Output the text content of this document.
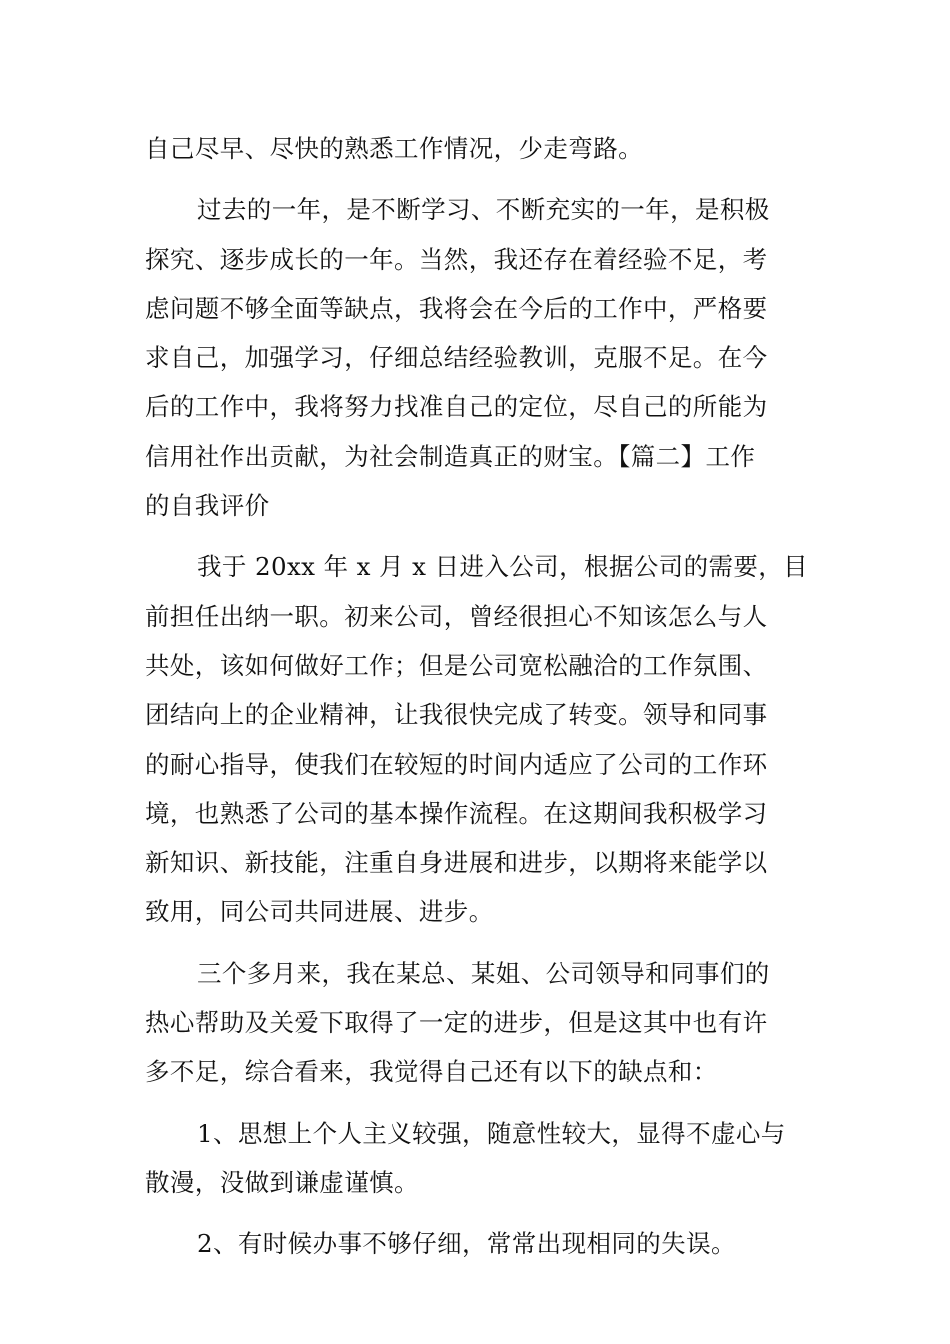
自己尽早、尽快的熟悉工作情况，少走弯路。
过去的一年，是不断学习、不断充实的一年，是积极
探究、逐步成长的一年。当然，我还存在着经验不足，考
虑问题不够全面等缺点，我将会在今后的工作中，严格要
求自己，加强学习，仔细总结经验教训，克服不足。在今
后的工作中，我将努力找准自己的定位，尽自己的所能为
信用社作出贡献，为社会制造真正的财宝。【篇二】工作
的自我评价
我于 20xx 年 x 月 x 日进入公司，根据公司的需要，目
前担任出纳一职。初来公司，曾经很担心不知该怎么与人
共处，该如何做好工作；但是公司宽松融洽的工作氛围、
团结向上的企业精神，让我很快完成了转变。领导和同事
的耐心指导，使我们在较短的时间内适应了公司的工作环
境，也熟悉了公司的基本操作流程。在这期间我积极学习
新知识、新技能，注重自身进展和进步，以期将来能学以
致用，同公司共同进展、进步。
三个多月来，我在某总、某姐、公司领导和同事们的
热心帮助及关爱下取得了一定的进步，但是这其中也有许
多不足，综合看来，我觉得自己还有以下的缺点和：
1、思想上个人主义较强，随意性较大，显得不虚心与
散漫，没做到谦虚谨慎。
2、有时候办事不够仔细，常常出现相同的失误。
